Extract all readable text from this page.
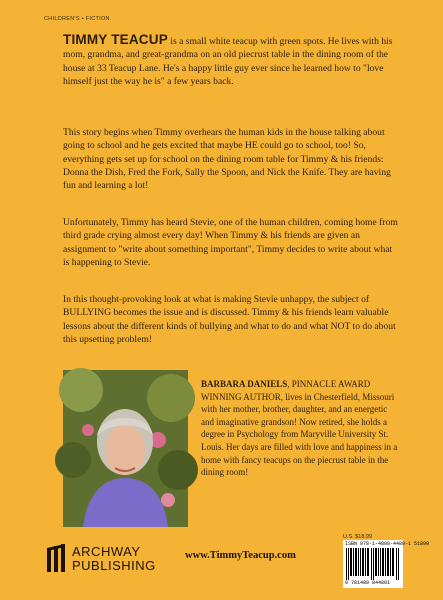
CHILDREN'S • FICTION
TIMMY TEACUP is a small white teacup with green spots. He lives with his mom, grandma, and great-grandma on an old piecrust table in the dining room of the house at 33 Teacup Lane. He's a happy little guy ever since he learned how to "love himself just the way he is" a few years back.
This story begins when Timmy overhears the human kids in the house talking about going to school and he gets excited that maybe HE could go to school, too! So, everything gets set up for school on the dining room table for Timmy & his friends: Donna the Dish, Fred the Fork, Sally the Spoon, and Nick the Knife. They are having fun and learning a lot!
Unfortunately, Timmy has heard Stevie, one of the human children, coming home from third grade crying almost every day! When Timmy & his friends are given an assignment to "write about something important", Timmy decides to write about what is happening to Stevie.
In this thought-provoking look at what is making Stevie unhappy, the subject of BULLYING becomes the issue and is discussed. Timmy & his friends learn valuable lessons about the different kinds of bullying and what to do and what NOT to do about this upsetting problem!
BARBARA DANIELS, PINNACLE AWARD WINNING AUTHOR, lives in Chesterfield, Missouri with her mother, brother, daughter, and an energetic and imaginative grandson! Now retired, she holds a degree in Psychology from Maryville University St. Louis. Her days are filled with love and happiness in a home with fancy teacups on the piecrust table in the dining room!
U.S. $18.99
ISBN 978-1-4808-4480-1 51899
9 781480 844801
ARCHWAY
PUBLISHING
www.TimmyTeacup.com
